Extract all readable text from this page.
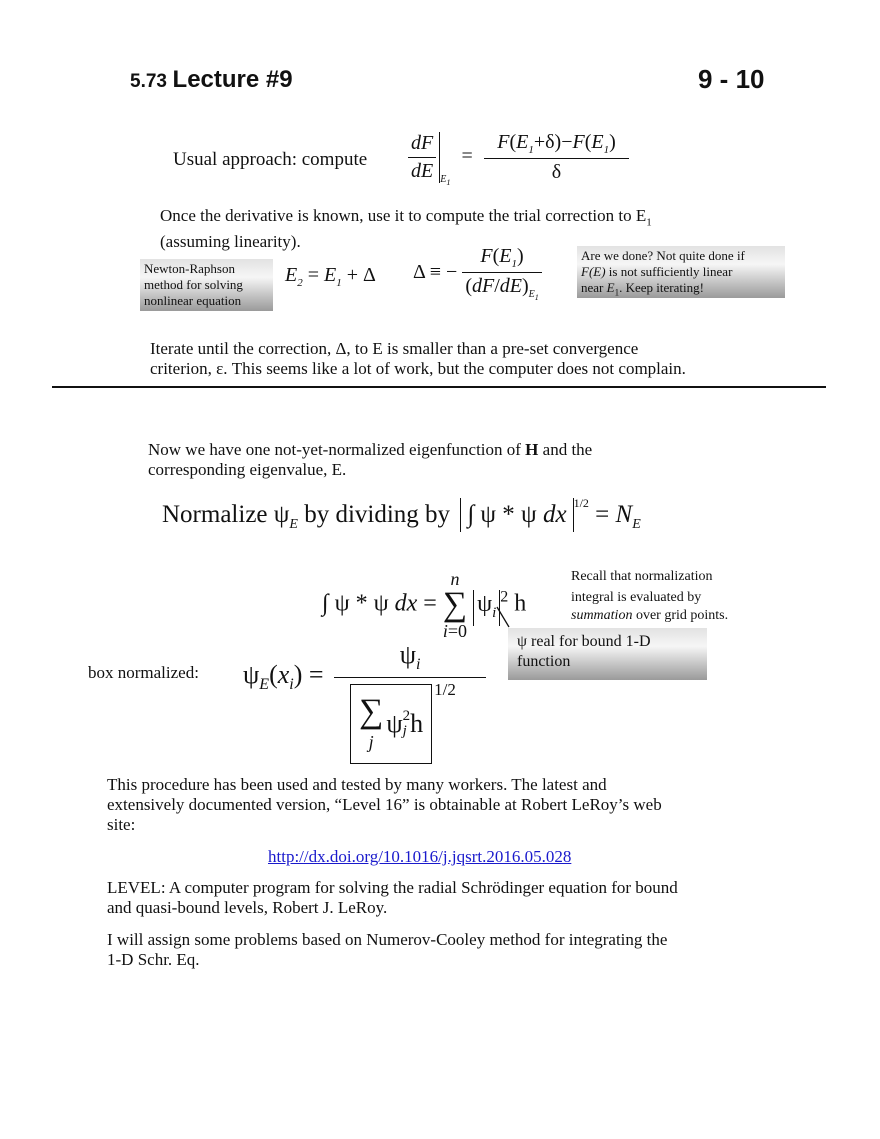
5.73 Lecture #9	9 - 10
Usual approach: compute $\frac{dF}{dE} _{E_1} = \frac{F(E_1+\delta)-F(E_1)}{\delta}$
Once the derivative is known, use it to compute the trial correction to $E_1$
(assuming linearity).
Newton-Raphson
method for solving
nonlinear equation
$E_2 = E_1 + \Delta$ Δ ≡ − $\frac{F(E_1)}{(dF/dE)_{E_1}}$	Are we done? Not quite done if
F(E) is not sufficiently linear
near $E_1$. Keep iterating!
Iterate until the correction, Δ, to E is smaller than a pre-set convergence
criterion, ε. This seems like a lot of work, but the computer does not complain.
Now we have one not-yet-normalized eigenfunction of H and the
corresponding eigenvalue, E.
Normalize $\psi_E$ by dividing by ∫ ψ * ψ dx $^{1/2} = N_E$
∫ ψ * ψ dx =
n
∑
i=0
$\psi_i^2$ h
Recall that normalization
integral is evaluated by
summation over grid points.
ψ real for bound 1-D
function
box normalized: $\psi_E(x_i) = \psi_i$
∑
j
ψ 2
j h
$^{1/2}$
This procedure has been used and tested by many workers. The latest and
extensively documented version, “Level 16” is obtainable at Robert LeRoy’s web
site:
http://dx.doi.org/10.1016/j.jqsrt.2016.05.028
LEVEL: A computer program for solving the radial Schrödinger equation for bound
and quasi-bound levels, Robert J. LeRoy.
I will assign some problems based on Numerov-Cooley method for integrating the
1-D Schr. Eq.
